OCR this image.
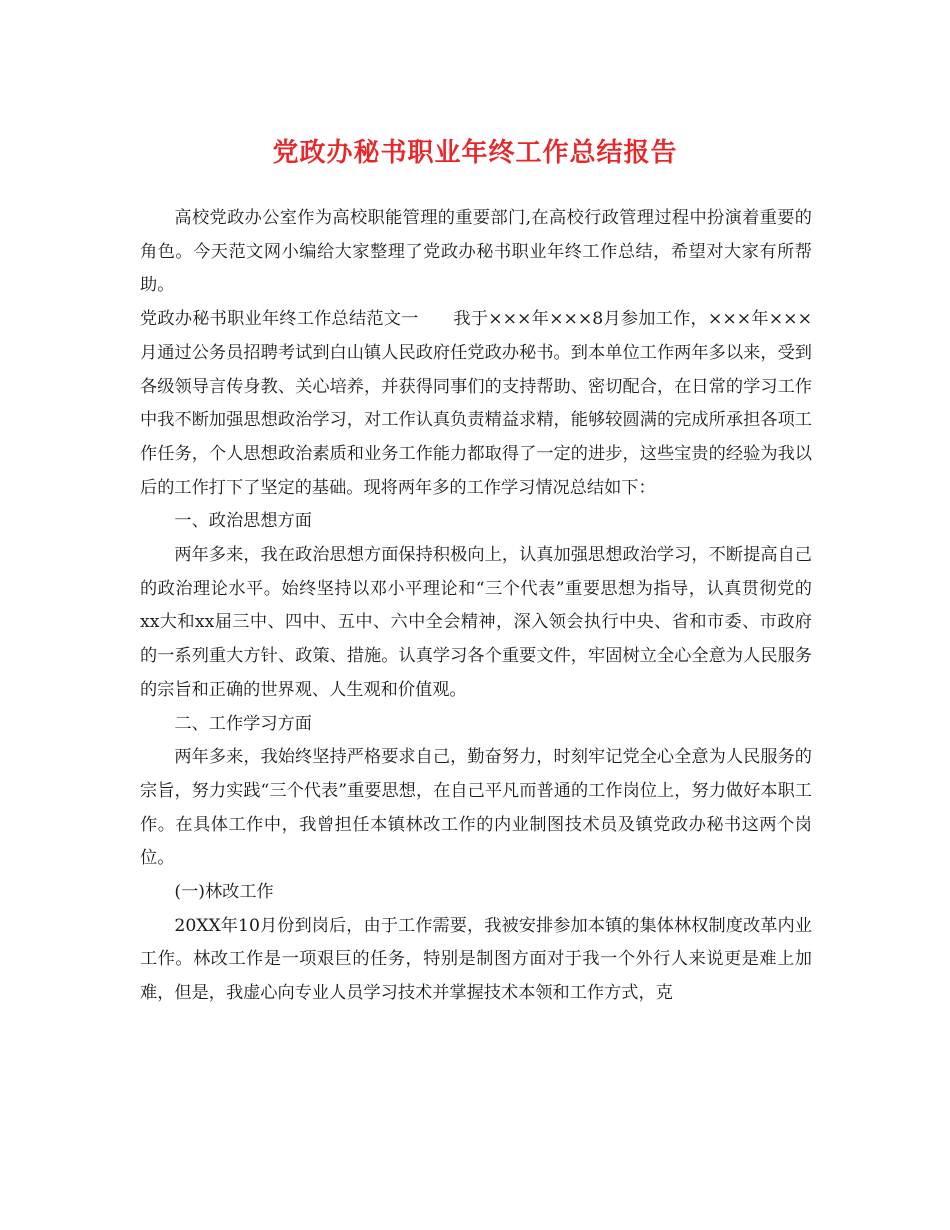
党政办秘书职业年终工作总结报告

高校党政办公室作为高校职能管理的重要部门,在高校行政管理过程中扮演着重要的角色。今天范文网小编给大家整理了党政办秘书职业年终工作总结，希望对大家有所帮助。

党政办秘书职业年终工作总结范文一　　我于×××年×××8月参加工作，×××年×××月通过公务员招聘考试到白山镇人民政府任党政办秘书。到本单位工作两年多以来，受到各级领导言传身教、关心培养，并获得同事们的支持帮助、密切配合，在日常的学习工作中我不断加强思想政治学习，对工作认真负责精益求精，能够较圆满的完成所承担各项工作任务，个人思想政治素质和业务工作能力都取得了一定的进步，这些宝贵的经验为我以后的工作打下了坚定的基础。现将两年多的工作学习情况总结如下：

一、政治思想方面

两年多来，我在政治思想方面保持积极向上，认真加强思想政治学习，不断提高自己的政治理论水平。始终坚持以邓小平理论和“三个代表”重要思想为指导，认真贯彻党的xx大和xx届三中、四中、五中、六中全会精神，深入领会执行中央、省和市委、市政府的一系列重大方针、政策、措施。认真学习各个重要文件，牢固树立全心全意为人民服务的宗旨和正确的世界观、人生观和价值观。

二、工作学习方面

两年多来，我始终坚持严格要求自己，勤奋努力，时刻牢记党全心全意为人民服务的宗旨，努力实践“三个代表”重要思想，在自己平凡而普通的工作岗位上，努力做好本职工作。在具体工作中，我曾担任本镇林改工作的内业制图技术员及镇党政办秘书这两个岗位。

(一)林改工作

20XX年10月份到岗后，由于工作需要，我被安排参加本镇的集体林权制度改革内业工作。林改工作是一项艰巨的任务，特别是制图方面对于我一个外行人来说更是难上加难，但是，我虚心向专业人员学习技术并掌握技术本领和工作方式，克
